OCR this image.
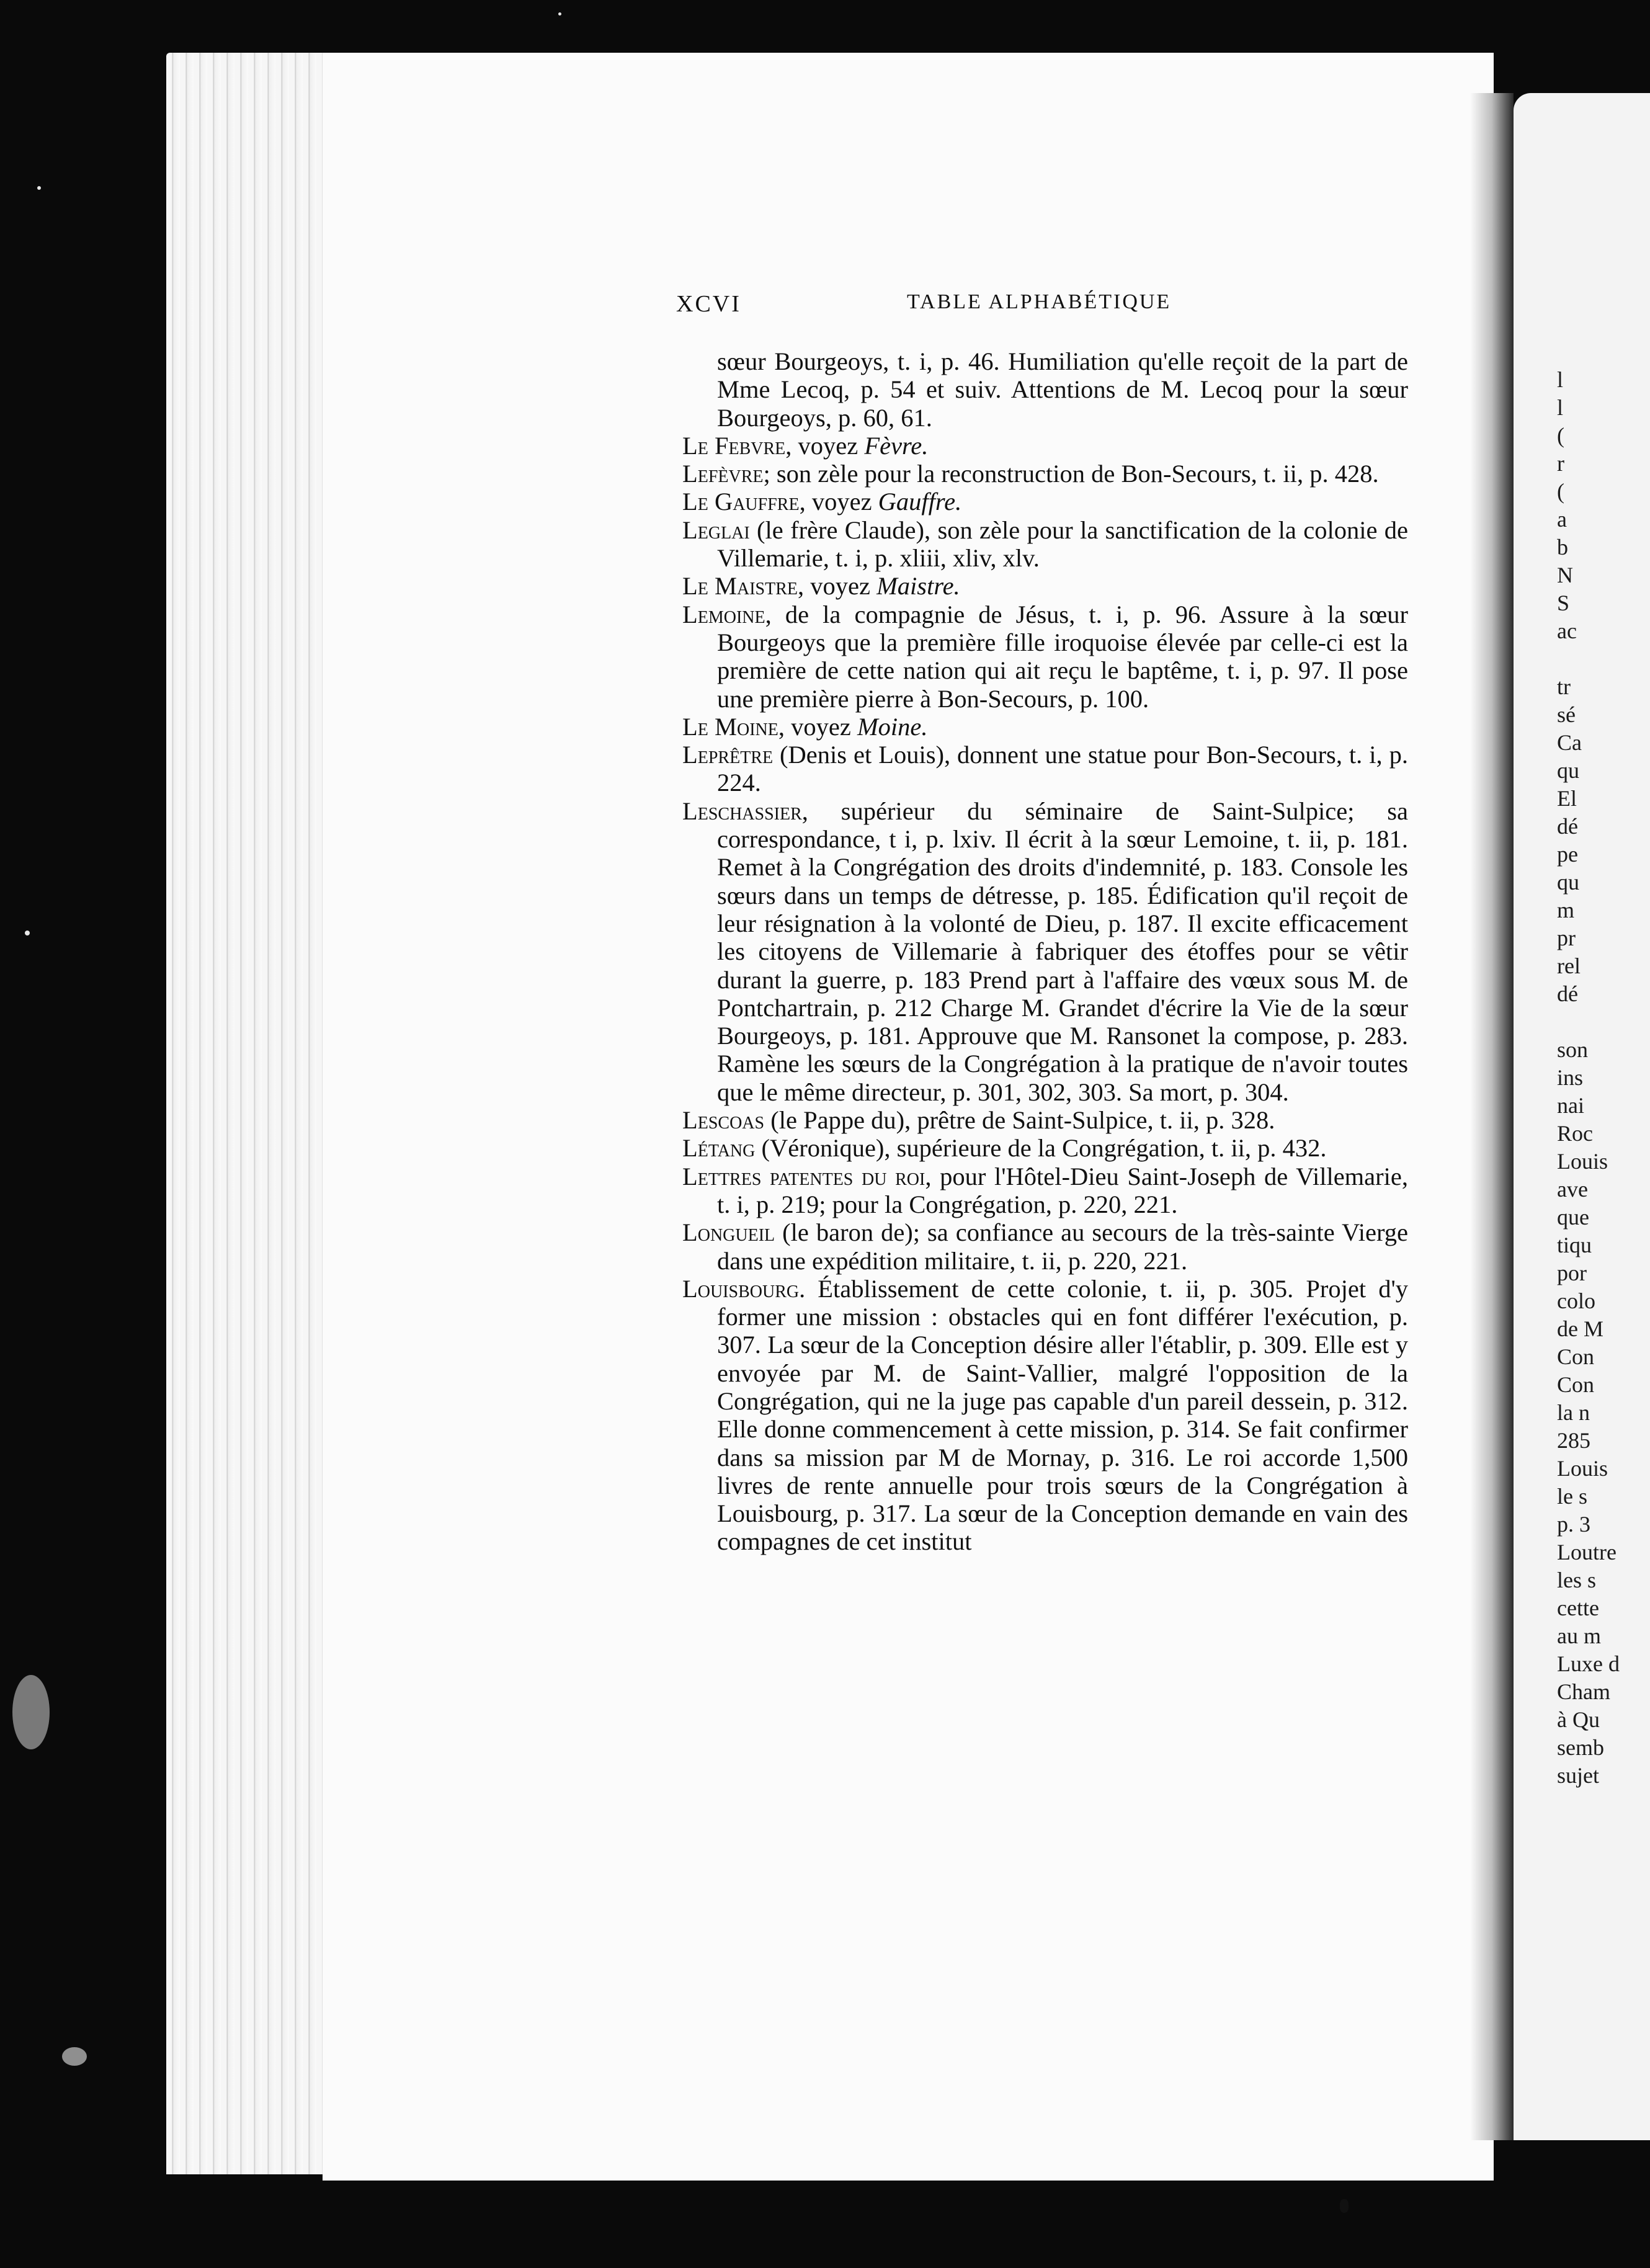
l
l
(
r
(
a
b
N
S
ac

tr
sé
Ca
qu
El
dé
pe
qu
m
pr
rel
dé

son
ins
nai
Roc
Louis
ave
que
tiqu
por
colo
de M
Con
Con
la n
285
Louis
le s
p. 3
Loutre
les s
cette
au m
Luxe d
Cham
à Qu
semb
sujet
XCVI	TABLE ALPHABÉTIQUE

sœur Bourgeoys, t. i, p. 46. Humiliation qu'elle reçoit de la part de Mme Lecoq, p. 54 et suiv. Attentions de M. Lecoq pour la sœur Bourgeoys, p. 60, 61.

Le Febvre, voyez Fèvre.

Lefèvre; son zèle pour la reconstruction de Bon-Secours, t. ii, p. 428.

Le Gauffre, voyez Gauffre.

Leglai (le frère Claude), son zèle pour la sanctification de la colonie de Villemarie, t. i, p. xliii, xliv, xlv.

Le Maistre, voyez Maistre.

Lemoine, de la compagnie de Jésus, t. i, p. 96. Assure à la sœur Bourgeoys que la première fille iroquoise élevée par celle-ci est la première de cette nation qui ait reçu le baptême, t. i, p. 97. Il pose une première pierre à Bon-Secours, p. 100.

Le Moine, voyez Moine.

Leprêtre (Denis et Louis), donnent une statue pour Bon-Secours, t. i, p. 224.

Leschassier, supérieur du séminaire de Saint-Sulpice; sa correspondance, t i, p. lxiv. Il écrit à la sœur Lemoine, t. ii, p. 181. Remet à la Congrégation des droits d'indemnité, p. 183. Console les sœurs dans un temps de détresse, p. 185. Édification qu'il reçoit de leur résignation à la volonté de Dieu, p. 187. Il excite efficacement les citoyens de Villemarie à fabriquer des étoffes pour se vêtir durant la guerre, p. 183 Prend part à l'affaire des vœux sous M. de Pontchartrain, p. 212 Charge M. Grandet d'écrire la Vie de la sœur Bourgeoys, p. 181. Approuve que M. Ransonet la compose, p. 283. Ramène les sœurs de la Congrégation à la pratique de n'avoir toutes que le même directeur, p. 301, 302, 303. Sa mort, p. 304.

Lescoas (le Pappe du), prêtre de Saint-Sulpice, t. ii, p. 328.

Létang (Véronique), supérieure de la Congrégation, t. ii, p. 432.

Lettres patentes du roi, pour l'Hôtel-Dieu Saint-Joseph de Villemarie, t. i, p. 219; pour la Congrégation, p. 220, 221.

Longueil (le baron de); sa confiance au secours de la très-sainte Vierge dans une expédition militaire, t. ii, p. 220, 221.

Louisbourg. Établissement de cette colonie, t. ii, p. 305. Projet d'y former une mission : obstacles qui en font différer l'exécution, p. 307. La sœur de la Conception désire aller l'établir, p. 309. Elle est y envoyée par M. de Saint-Vallier, malgré l'opposition de la Congrégation, qui ne la juge pas capable d'un pareil dessein, p. 312. Elle donne commencement à cette mission, p. 314. Se fait confirmer dans sa mission par M de Mornay, p. 316. Le roi accorde 1,500 livres de rente annuelle pour trois sœurs de la Congrégation à Louisbourg, p. 317. La sœur de la Conception demande en vain des compagnes de cet institut
